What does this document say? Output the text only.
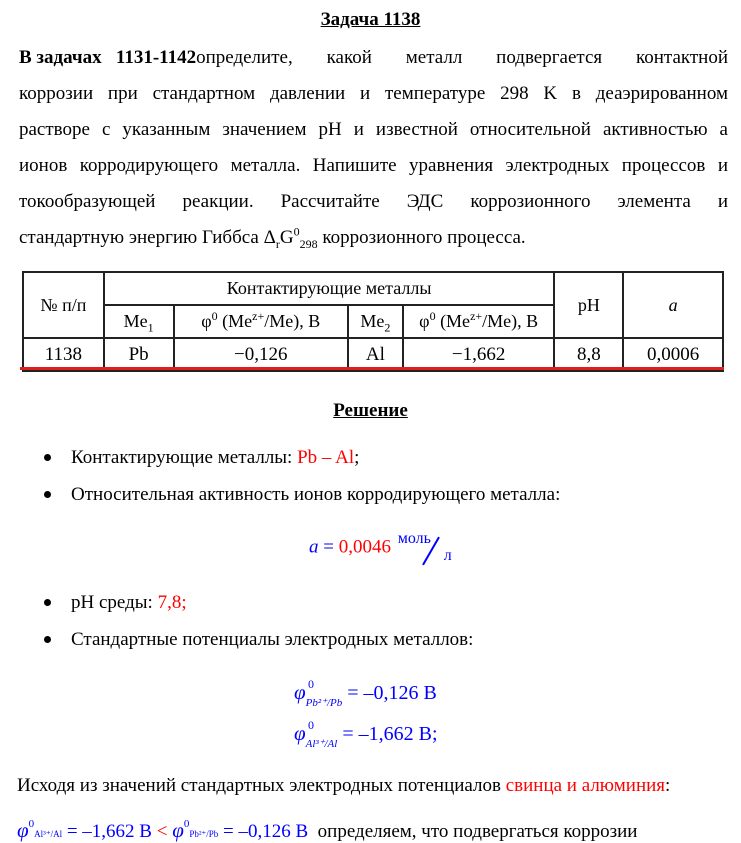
Задача 1138
В задачах   1131-1142 определите, какой металл подвергается контактной
коррозии при стандартном давлении и температуре 298 K в деаэрированном
растворе с указанным значением pH и известной относительной активностью a
ионов корродирующего металла. Напишите уравнения электродных процессов и
токообразующей реакции. Рассчитайте ЭДС коррозионного элемента и
стандартную энергию Гиббса $\Delta_rG^0_{298}$ коррозионного процесса.
№ п/п	Контактирующие металлы				pH	a
	$Me_1$	$\varphi^0$ $(Me^{z+}/Me)$, B	$Me_2$	$\varphi^0$ $(Me^{z+}/Me)$, B		
1138	Pb	−0,126	Al	−1,662	8,8	0,0006
Решение
Контактирующие металлы: Pb – Al;
Относительная активность ионов корродирующего металла:
a = 0,0046 моль
л
pH среды: 7,8;
Стандартные потенциалы электродных металлов:
$\varphi_{Pb^{2+}/Pb}$
0 = –0,126 B
$\varphi_{Al^{3+}/Al}$
0 = –1,662 B;
Исходя из значений стандартных электродных потенциалов свинца и алюминия:
$\varphi^0Al^{3+}/Al = -1,662$ $B < \varphi^0Pb^{2+}/Pb = -0,126$ B  определяем, что подвергаться коррозии
